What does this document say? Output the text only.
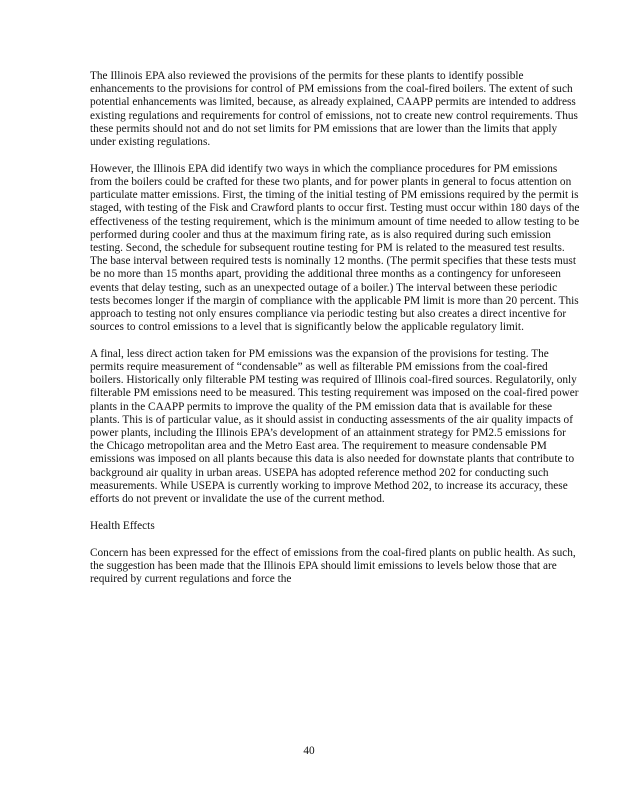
The Illinois EPA also reviewed the provisions of the permits for these plants to identify possible enhancements to the provisions for control of PM emissions from the coal-fired boilers. The extent of such potential enhancements was limited, because, as already explained, CAAPP permits are intended to address existing regulations and requirements for control of emissions, not to create new control requirements. Thus these permits should not and do not set limits for PM emissions that are lower than the limits that apply under existing regulations.

However, the Illinois EPA did identify two ways in which the compliance procedures for PM emissions from the boilers could be crafted for these two plants, and for power plants in general to focus attention on particulate matter emissions. First, the timing of the initial testing of PM emissions required by the permit is staged, with testing of the Fisk and Crawford plants to occur first. Testing must occur within 180 days of the effectiveness of the testing requirement, which is the minimum amount of time needed to allow testing to be performed during cooler and thus at the maximum firing rate, as is also required during such emission testing. Second, the schedule for subsequent routine testing for PM is related to the measured test results. The base interval between required tests is nominally 12 months. (The permit specifies that these tests must be no more than 15 months apart, providing the additional three months as a contingency for unforeseen events that delay testing, such as an unexpected outage of a boiler.) The interval between these periodic tests becomes longer if the margin of compliance with the applicable PM limit is more than 20 percent. This approach to testing not only ensures compliance via periodic testing but also creates a direct incentive for sources to control emissions to a level that is significantly below the applicable regulatory limit.

A final, less direct action taken for PM emissions was the expansion of the provisions for testing. The permits require measurement of “condensable” as well as filterable PM emissions from the coal-fired boilers. Historically only filterable PM testing was required of Illinois coal-fired sources. Regulatorily, only filterable PM emissions need to be measured. This testing requirement was imposed on the coal-fired power plants in the CAAPP permits to improve the quality of the PM emission data that is available for these plants. This is of particular value, as it should assist in conducting assessments of the air quality impacts of power plants, including the Illinois EPA’s development of an attainment strategy for PM2.5 emissions for the Chicago metropolitan area and the Metro East area. The requirement to measure condensable PM emissions was imposed on all plants because this data is also needed for downstate plants that contribute to background air quality in urban areas. USEPA has adopted reference method 202 for conducting such measurements. While USEPA is currently working to improve Method 202, to increase its accuracy, these efforts do not prevent or invalidate the use of the current method.

Health Effects

Concern has been expressed for the effect of emissions from the coal-fired plants on public health. As such, the suggestion has been made that the Illinois EPA should limit emissions to levels below those that are required by current regulations and force the

40
